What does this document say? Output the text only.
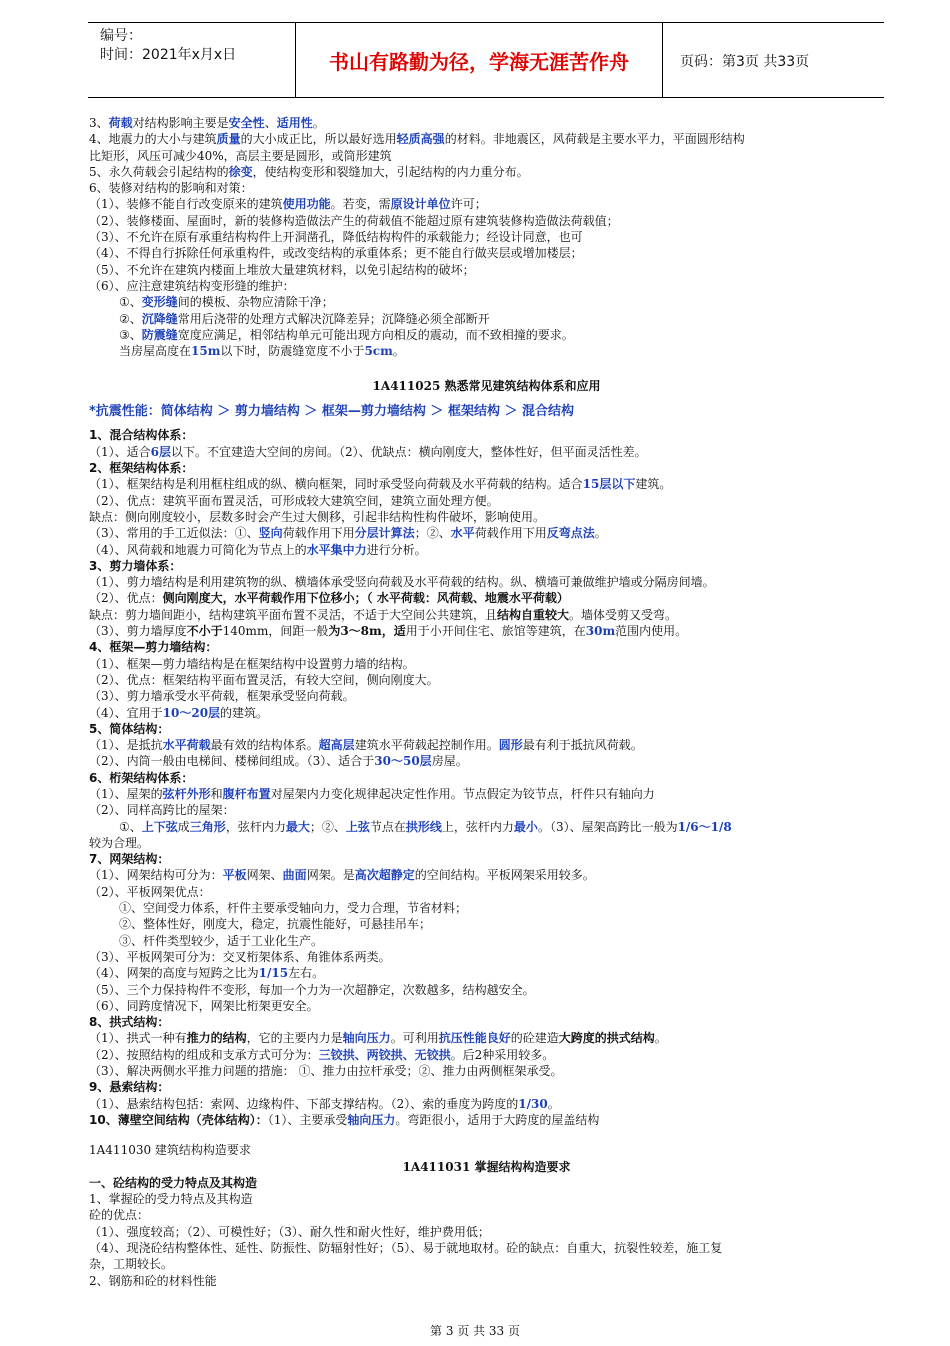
编号：
时间：2021年x月x日	书山有路勤为径，学海无涯苦作舟	页码：第3页 共33页
3、荷载对结构影响主要是安全性、适用性。
4、地震力的大小与建筑质量的大小成正比，所以最好选用轻质高强的材料。非地震区，风荷载是主要水平力，平面圆形结构
比矩形，风压可减少40%，高层主要是圆形，或筒形建筑
5、永久荷载会引起结构的徐变，使结构变形和裂缝加大，引起结构的内力重分布。
6、装修对结构的影响和对策：
（1）、装修不能自行改变原来的建筑使用功能。若变，需原设计单位许可；
（2）、装修楼面、屋面时，新的装修构造做法产生的荷载值不能超过原有建筑装修构造做法荷载值；
（3）、不允许在原有承重结构构件上开洞凿孔，降低结构构件的承载能力；经设计同意，也可
（4）、不得自行拆除任何承重构件，或改变结构的承重体系；更不能自行做夹层或增加楼层；
（5）、不允许在建筑内楼面上堆放大量建筑材料，以免引起结构的破坏；
（6）、应注意建筑结构变形缝的维护：
①、变形缝间的模板、杂物应清除干净；
②、沉降缝常用后浇带的处理方式解决沉降差异；沉降缝必须全部断开
③、防震缝宽度应满足，相邻结构单元可能出现方向相反的震动，而不致相撞的要求。
当房屋高度在15m以下时，防震缝宽度不小于5cm。
1A411025 熟悉常见建筑结构体系和应用
*抗震性能：简体结构 ＞ 剪力墙结构 ＞ 框架—剪力墙结构 ＞ 框架结构 ＞ 混合结构
1、混合结构体系：
（1）、适合6层以下。不宜建造大空间的房间。（2）、优缺点：横向刚度大，整体性好，但平面灵活性差。
2、框架结构体系：
（1）、框架结构是利用框柱组成的纵、横向框架，同时承受竖向荷载及水平荷载的结构。适合15层以下建筑。
（2）、优点：建筑平面布置灵活，可形成较大建筑空间，建筑立面处理方便。
缺点：侧向刚度较小，层数多时会产生过大侧移，引起非结构性构件破坏，影响使用。
（3）、常用的手工近似法：①、竖向荷载作用下用分层计算法；②、水平荷载作用下用反弯点法。
（4）、风荷载和地震力可简化为节点上的水平集中力进行分析。
3、剪力墙体系：
（1）、剪力墙结构是利用建筑物的纵、横墙体承受竖向荷载及水平荷载的结构。纵、横墙可兼做维护墙或分隔房间墙。
（2）、优点：侧向刚度大，水平荷载作用下位移小；（ 水平荷载：风荷载、地震水平荷载）
缺点：剪力墙间距小，结构建筑平面布置不灵活，不适于大空间公共建筑，且结构自重较大。墙体受剪又受弯。
（3）、剪力墙厚度不小于140mm，间距一般为3～8m，适用于小开间住宅、旅馆等建筑，在30m范围内使用。
4、框架—剪力墙结构：
（1）、框架—剪力墙结构是在框架结构中设置剪力墙的结构。
（2）、优点：框架结构平面布置灵活，有较大空间，侧向刚度大。
（3）、剪力墙承受水平荷载，框架承受竖向荷载。
（4）、宜用于10～20层的建筑。
5、简体结构：
（1）、是抵抗水平荷载最有效的结构体系。超高层建筑水平荷载起控制作用。圆形最有利于抵抗风荷载。
（2）、内筒一般由电梯间、楼梯间组成。（3）、适合于30～50层房屋。
6、桁架结构体系：
（1）、屋架的弦杆外形和腹杆布置对屋架内力变化规律起决定性作用。节点假定为铰节点，杆件只有轴向力
（2）、同样高跨比的屋架：
①、上下弦成三角形，弦杆内力最大；②、上弦节点在拱形线上，弦杆内力最小。（3）、屋架高跨比一般为1/6～1/8
较为合理。
7、网架结构：
（1）、网架结构可分为：平板网架、曲面网架。是高次超静定的空间结构。平板网架采用较多。
（2）、平板网架优点：
①、空间受力体系，杆件主要承受轴向力，受力合理，节省材料；
②、整体性好，刚度大，稳定，抗震性能好，可悬挂吊车；
③、杆件类型较少，适于工业化生产。
（3）、平板网架可分为：交叉桁架体系、角锥体系两类。
（4）、网架的高度与短跨之比为1/15左右。
（5）、三个力保持构件不变形，每加一个力为一次超静定，次数越多，结构越安全。
（6）、同跨度情况下，网架比桁架更安全。
8、拱式结构：
（1）、拱式一种有推力的结构，它的主要内力是轴向压力。可利用抗压性能良好的砼建造大跨度的拱式结构。
（2）、按照结构的组成和支承方式可分为：三铰拱、两铰拱、无铰拱。后2种采用较多。
（3）、解决两侧水平推力问题的措施： ①、推力由拉杆承受；②、推力由两侧框架承受。
9、悬索结构：
（1）、悬索结构包括：索网、边缘构件、下部支撑结构。（2）、索的垂度为跨度的1/30。
10、薄壁空间结构（壳体结构）：（1）、主要承受轴向压力。弯距很小，适用于大跨度的屋盖结构
1A411030 建筑结构构造要求
1A411031 掌握结构构造要求
一、砼结构的受力特点及其构造
1、掌握砼的受力特点及其构造
砼的优点：
（1）、强度较高；（2）、可模性好；（3）、耐久性和耐火性好，维护费用低；
（4）、现浇砼结构整体性、延性、防振性、防辐射性好；（5）、易于就地取材。砼的缺点：自重大，抗裂性较差，施工复
杂，工期较长。
2、钢筋和砼的材料性能
第 3 页 共 33 页
